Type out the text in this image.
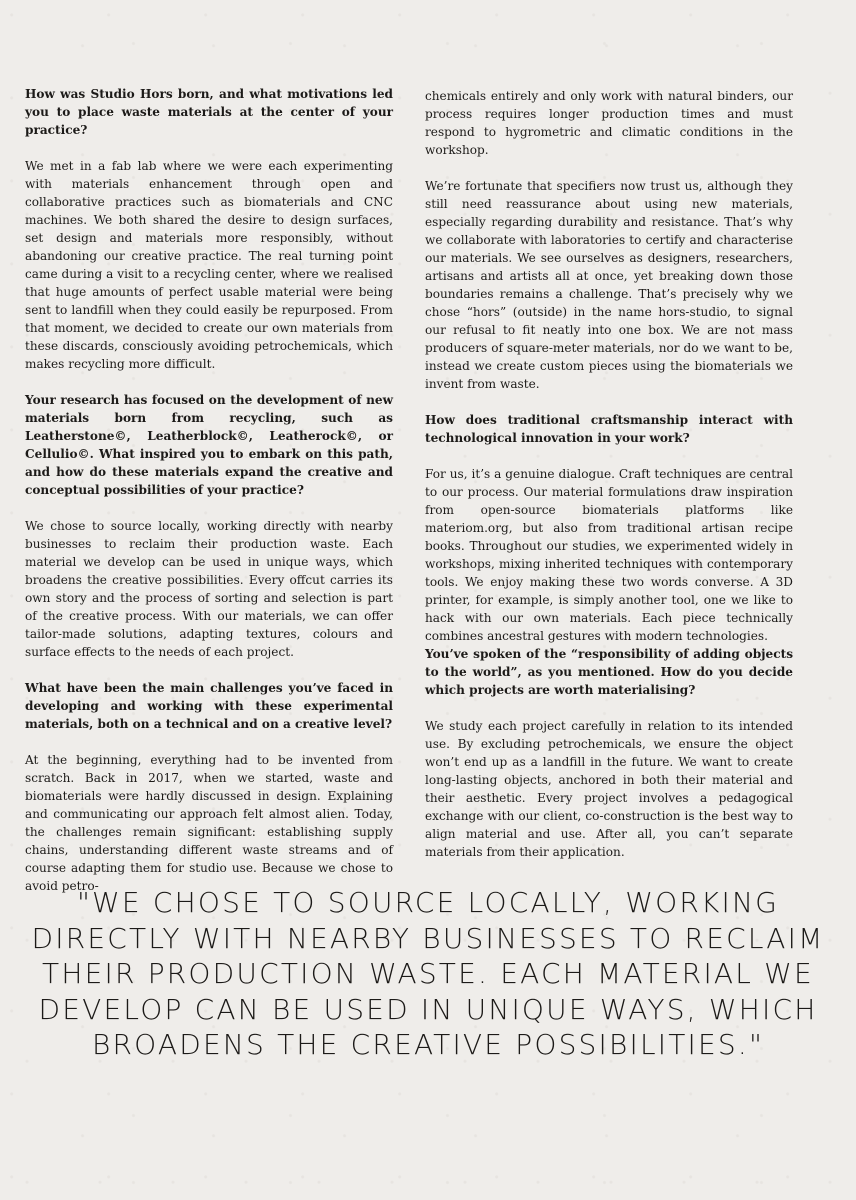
How was Studio Hors born, and what motivations led you to place waste materials at the center of your practice?

We met in a fab lab where we were each experimenting with materials enhancement through open and collaborative practices such as biomaterials and CNC machines. We both shared the desire to design surfaces, set design and materials more responsibly, without abandoning our creative practice. The real turning point came during a visit to a recycling center, where we realised that huge amounts of perfect usable material were being sent to landfill when they could easily be repurposed. From that moment, we decided to create our own materials from these discards, consciously avoiding petrochemicals, which makes recycling more difficult.

Your research has focused on the development of new materials born from recycling, such as Leatherstone©, Leatherblock©, Leatherock©, or Cellulio©. What inspired you to embark on this path, and how do these materials expand the creative and conceptual possibilities of your practice?

We chose to source locally, working directly with nearby businesses to reclaim their production waste. Each material we develop can be used in unique ways, which broadens the creative possibilities. Every offcut carries its own story and the process of sorting and selection is part of the creative process. With our materials, we can offer tailor-made solutions, adapting textures, colours and surface effects to the needs of each project.

What have been the main challenges you’ve faced in developing and working with these experimental materials, both on a technical and on a creative level?

At the beginning, everything had to be invented from scratch. Back in 2017, when we started, waste and biomaterials were hardly discussed in design. Explaining and communicating our approach felt almost alien. Today, the challenges remain significant: establishing supply chains, understanding different waste streams and of course adapting them for studio use. Because we chose to avoid petro-

chemicals entirely and only work with natural binders, our process requires longer production times and must respond to hygrometric and climatic conditions in the workshop.

We’re fortunate that specifiers now trust us, although they still need reassurance about using new materials, especially regarding durability and resistance. That’s why we collaborate with laboratories to certify and characterise our materials. We see ourselves as designers, researchers, artisans and artists all at once, yet breaking down those boundaries remains a challenge. That’s precisely why we chose “hors” (outside) in the name hors-studio, to signal our refusal to fit neatly into one box. We are not mass producers of square-meter materials, nor do we want to be, instead we create custom pieces using the biomaterials we invent from waste.

How does traditional craftsmanship interact with technological innovation in your work?

For us, it’s a genuine dialogue. Craft techniques are central to our process. Our material formulations draw inspiration from open-source biomaterials platforms like materiom.org, but also from traditional artisan recipe books. Throughout our studies, we experimented widely in workshops, mixing inherited techniques with contemporary tools. We enjoy making these two words converse. A 3D printer, for example, is simply another tool, one we like to hack with our own materials. Each piece technically combines ancestral gestures with modern technologies.

You’ve spoken of the “responsibility of adding objects to the world”, as you mentioned. How do you decide which projects are worth materialising?

We study each project carefully in relation to its intended use. By excluding petrochemicals, we ensure the object won’t end up as a landfill in the future. We want to create long-lasting objects, anchored in both their material and their aesthetic. Every project involves a pedagogical exchange with our client, co-construction is the best way to align material and use. After all, you can’t separate materials from their application.

"WE CHOSE TO SOURCE LOCALLY, WORKING DIRECTLY WITH NEARBY BUSINESSES TO RECLAIM THEIR PRODUCTION WASTE. EACH MATERIAL WE DEVELOP CAN BE USED IN UNIQUE WAYS, WHICH BROADENS THE CREATIVE POSSIBILITIES."
